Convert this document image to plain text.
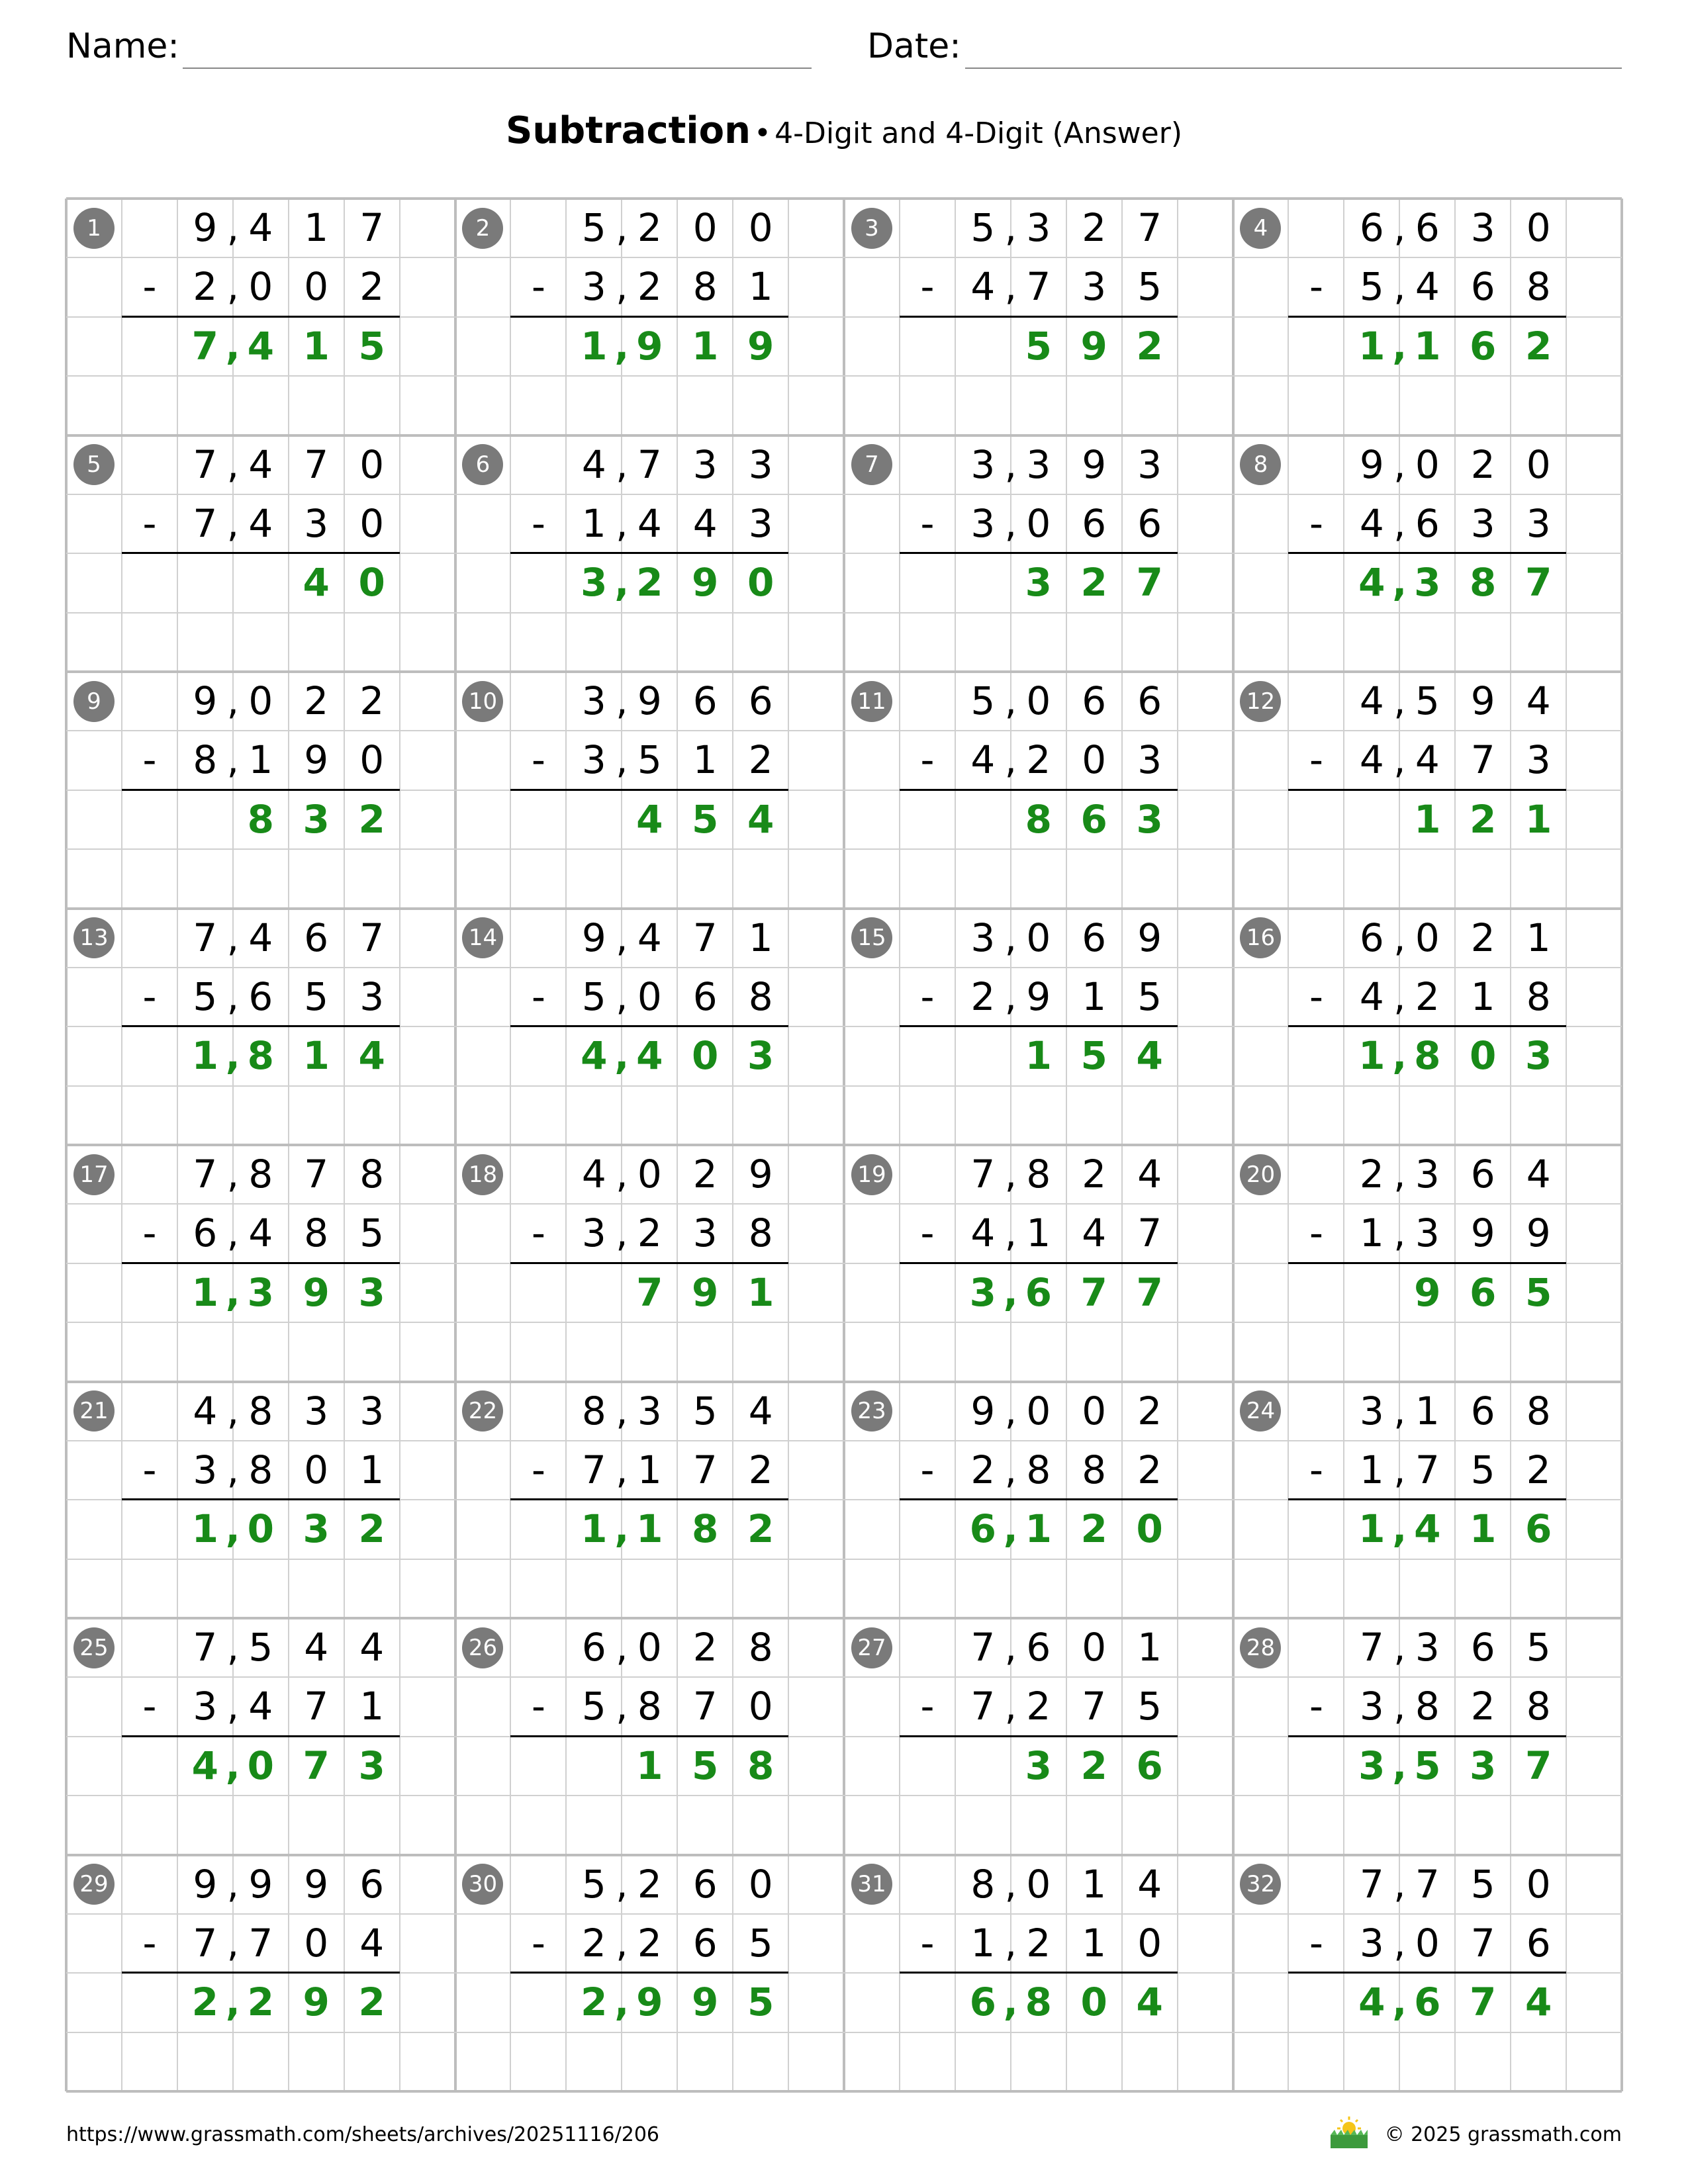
Name:	Date:
Subtraction • 4-Digit and 4-Digit (Answer)
1	9 4 1 7
,
- 2 0 0 2
,
7 4 1 5
,
2	5 2 0 0
,
- 3 2 8 1
,
1 9 1 9
,
3	5 3 2 7
,
- 4 7 3 5
,
5 9 2
4	6 6 3 0
,
- 5 4 6 8
,
1 1 6 2
,
5	7 4 7 0
,
- 7 4 3 0
,
4 0
6	4 7 3 3
,
- 1 4 4 3
,
3 2 9 0
,
7	3 3 9 3
,
- 3 0 6 6
,
3 2 7
8	9 0 2 0
,
- 4 6 3 3
,
4 3 8 7
,
9	9 0 2 2
,
- 8 1 9 0
,
8 3 2
10	3 9 6 6
,
- 3 5 1 2
,
4 5 4
11	5 0 6 6
,
- 4 2 0 3
,
8 6 3
12	4 5 9 4
,
- 4 4 7 3
,
1 2 1
13	7 4 6 7
,
- 5 6 5 3
,
1 8 1 4
,
14	9 4 7 1
,
- 5 0 6 8
,
4 4 0 3
,
15	3 0 6 9
,
- 2 9 1 5
,
1 5 4
16	6 0 2 1
,
- 4 2 1 8
,
1 8 0 3
,
17	7 8 7 8
,
- 6 4 8 5
,
1 3 9 3
,
18	4 0 2 9
,
- 3 2 3 8
,
7 9 1
19	7 8 2 4
,
- 4 1 4 7
,
3 6 7 7
,
20	2 3 6 4
,
- 1 3 9 9
,
9 6 5
21	4 8 3 3
,
- 3 8 0 1
,
1 0 3 2
,
22	8 3 5 4
,
- 7 1 7 2
,
1 1 8 2
,
23	9 0 0 2
,
- 2 8 8 2
,
6 1 2 0
,
24	3 1 6 8
,
- 1 7 5 2
,
1 4 1 6
,
25	7 5 4 4
,
- 3 4 7 1
,
4 0 7 3
,
26	6 0 2 8
,
- 5 8 7 0
,
1 5 8
27	7 6 0 1
,
- 7 2 7 5
,
3 2 6
28	7 3 6 5
,
- 3 8 2 8
,
3 5 3 7
,
29	9 9 9 6
,
- 7 7 0 4
,
2 2 9 2
,
30	5 2 6 0
,
- 2 2 6 5
,
2 9 9 5
,
31	8 0 1 4
,
- 1 2 1 0
,
6 8 0 4
,
32	7 7 5 0
,
- 3 0 7 6
,
4 6 7 4
,
https://www.grassmath.com/sheets/archives/20251116/206	© 2025 grassmath.com
